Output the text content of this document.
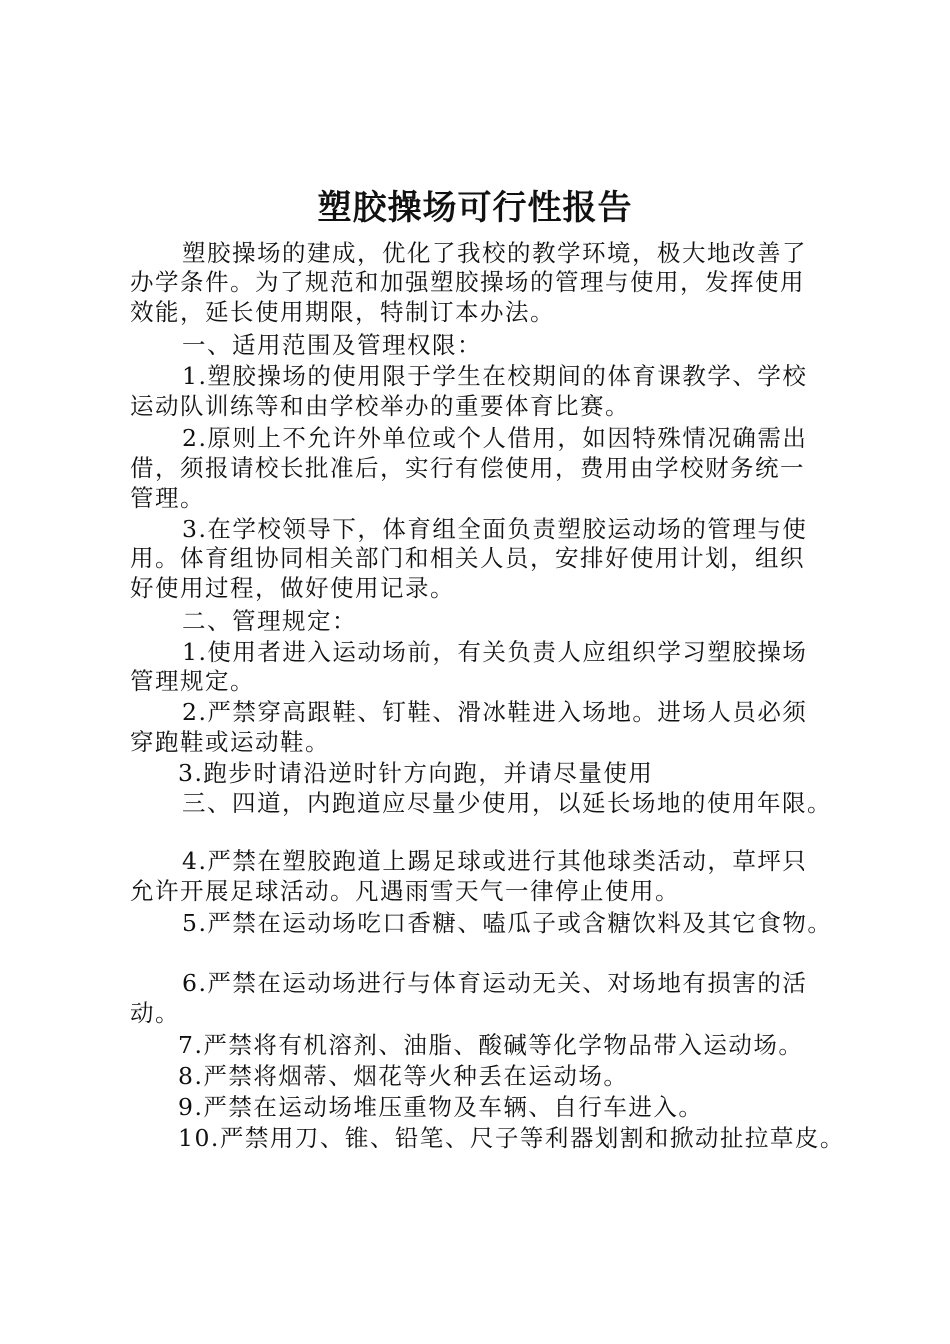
塑胶操场可行性报告
塑胶操场的建成，优化了我校的教学环境，极大地改善了
办学条件。为了规范和加强塑胶操场的管理与使用，发挥使用
效能，延长使用期限，特制订本办法。
一、适用范围及管理权限：
1.塑胶操场的使用限于学生在校期间的体育课教学、学校
运动队训练等和由学校举办的重要体育比赛。
2.原则上不允许外单位或个人借用，如因特殊情况确需出
借，须报请校长批准后，实行有偿使用，费用由学校财务统一
管理。
3.在学校领导下，体育组全面负责塑胶运动场的管理与使
用。体育组协同相关部门和相关人员，安排好使用计划，组织
好使用过程，做好使用记录。
二、管理规定：
1.使用者进入运动场前，有关负责人应组织学习塑胶操场
管理规定。
2.严禁穿高跟鞋、钉鞋、滑冰鞋进入场地。进场人员必须
穿跑鞋或运动鞋。
3.跑步时请沿逆时针方向跑，并请尽量使用
三、四道，内跑道应尽量少使用，以延长场地的使用年限。
4.严禁在塑胶跑道上踢足球或进行其他球类活动，草坪只
允许开展足球活动。凡遇雨雪天气一律停止使用。
5.严禁在运动场吃口香糖、嗑瓜子或含糖饮料及其它食物。
6.严禁在运动场进行与体育运动无关、对场地有损害的活
动。
7.严禁将有机溶剂、油脂、酸碱等化学物品带入运动场。
8.严禁将烟蒂、烟花等火种丢在运动场。
9.严禁在运动场堆压重物及车辆、自行车进入。
10.严禁用刀、锥、铅笔、尺子等利器划割和掀动扯拉草皮。
